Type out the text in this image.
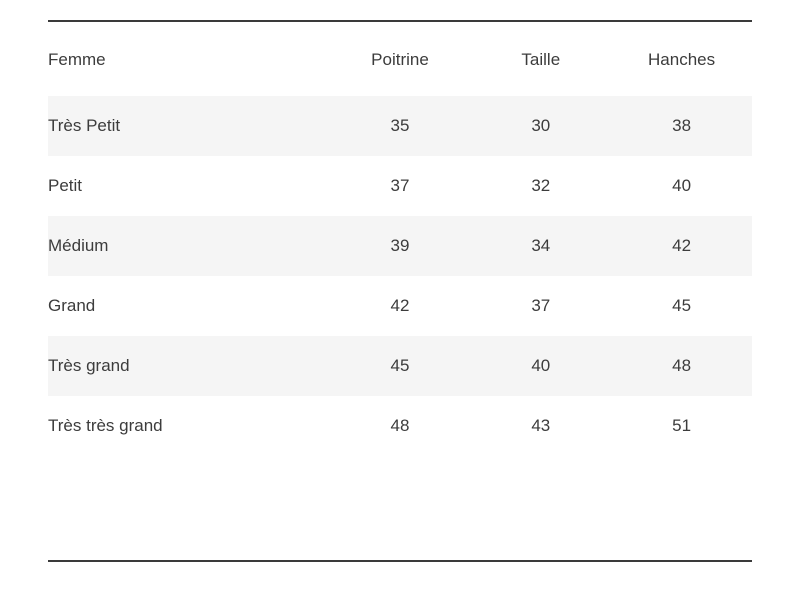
Femme	Poitrine	Taille	Hanches
Très Petit	35	30	38
Petit	37	32	40
Médium	39	34	42
Grand	42	37	45
Très grand	45	40	48
Très très grand	48	43	51
